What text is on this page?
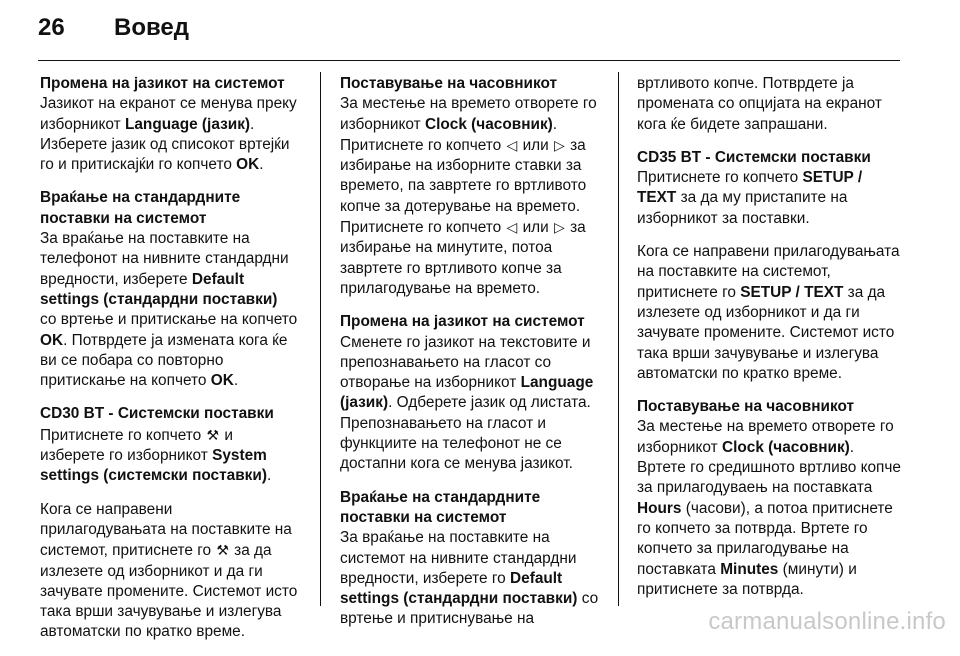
26	Вовед
Промена на јазикот на системот

Јазикот на екранот се менува преку изборникот Language (јазик). Изберете јазик од списокот вртејќи го и притискајќи го копчето OK.

Враќање на стандардните поставки на системот

За враќање на поставките на телефонот на нивните стандардни вредности, изберете Default settings (стандардни поставки) со вртење и притискање на копчето OK. Потврдете ја измената кога ќе ви се побара со повторно притискање на копчето OK.

CD30 BT - Системски поставки

Притиснете го копчето ⚒ и изберете го изборникот System settings (системски поставки).

Кога се направени прилагодувањата на поставките на системот, притиснете го ⚒ за да излезете од изборникот и да ги зачувате промените. Системот исто така врши зачувување и излегува автоматски по кратко време.

Поставување на часовникот

За местење на времето отворете го изборникот Clock (часовник). Притиснете го копчето ◁ или ▷ за избирање на изборните ставки за времето, па завртете го вртливото копче за дотерување на времето. Притиснете го копчето ◁ или ▷ за избирање на минутите, потоа завртете го вртливото копче за прилагодување на времето.

Промена на јазикот на системот

Сменете го јазикот на текстовите и препознавањето на гласот со отворање на изборникот Language (јазик). Одберете јазик од листата. Препознавањето на гласот и функциите на телефонот не се достапни кога се менува јазикот.

Враќање на стандардните поставки на системот

За враќање на поставките на системот на нивните стандардни вредности, изберете го Default settings (стандардни поставки) со вртење и притиснување на

вртливото копче. Потврдете ја промената со опцијата на екранот кога ќе бидете запрашани.

CD35 BT - Системски поставки

Притиснете го копчето SETUP / TEXT за да му пристапите на изборникот за поставки.

Кога се направени прилагодувањата на поставките на системот, притиснете го SETUP / TEXT за да излезете од изборникот и да ги зачувате промените. Системот исто така врши зачувување и излегува автоматски по кратко време.

Поставување на часовникот

За местење на времето отворете го изборникот Clock (часовник). Вртете го средишното вртливо копче за прилагодуваењ на поставката Hours (часови), а потоа притиснете го копчето за потврда. Вртете го копчето за прилагодување на поставката Minutes (минути) и притиснете за потврда.

carmanualsonline.info
